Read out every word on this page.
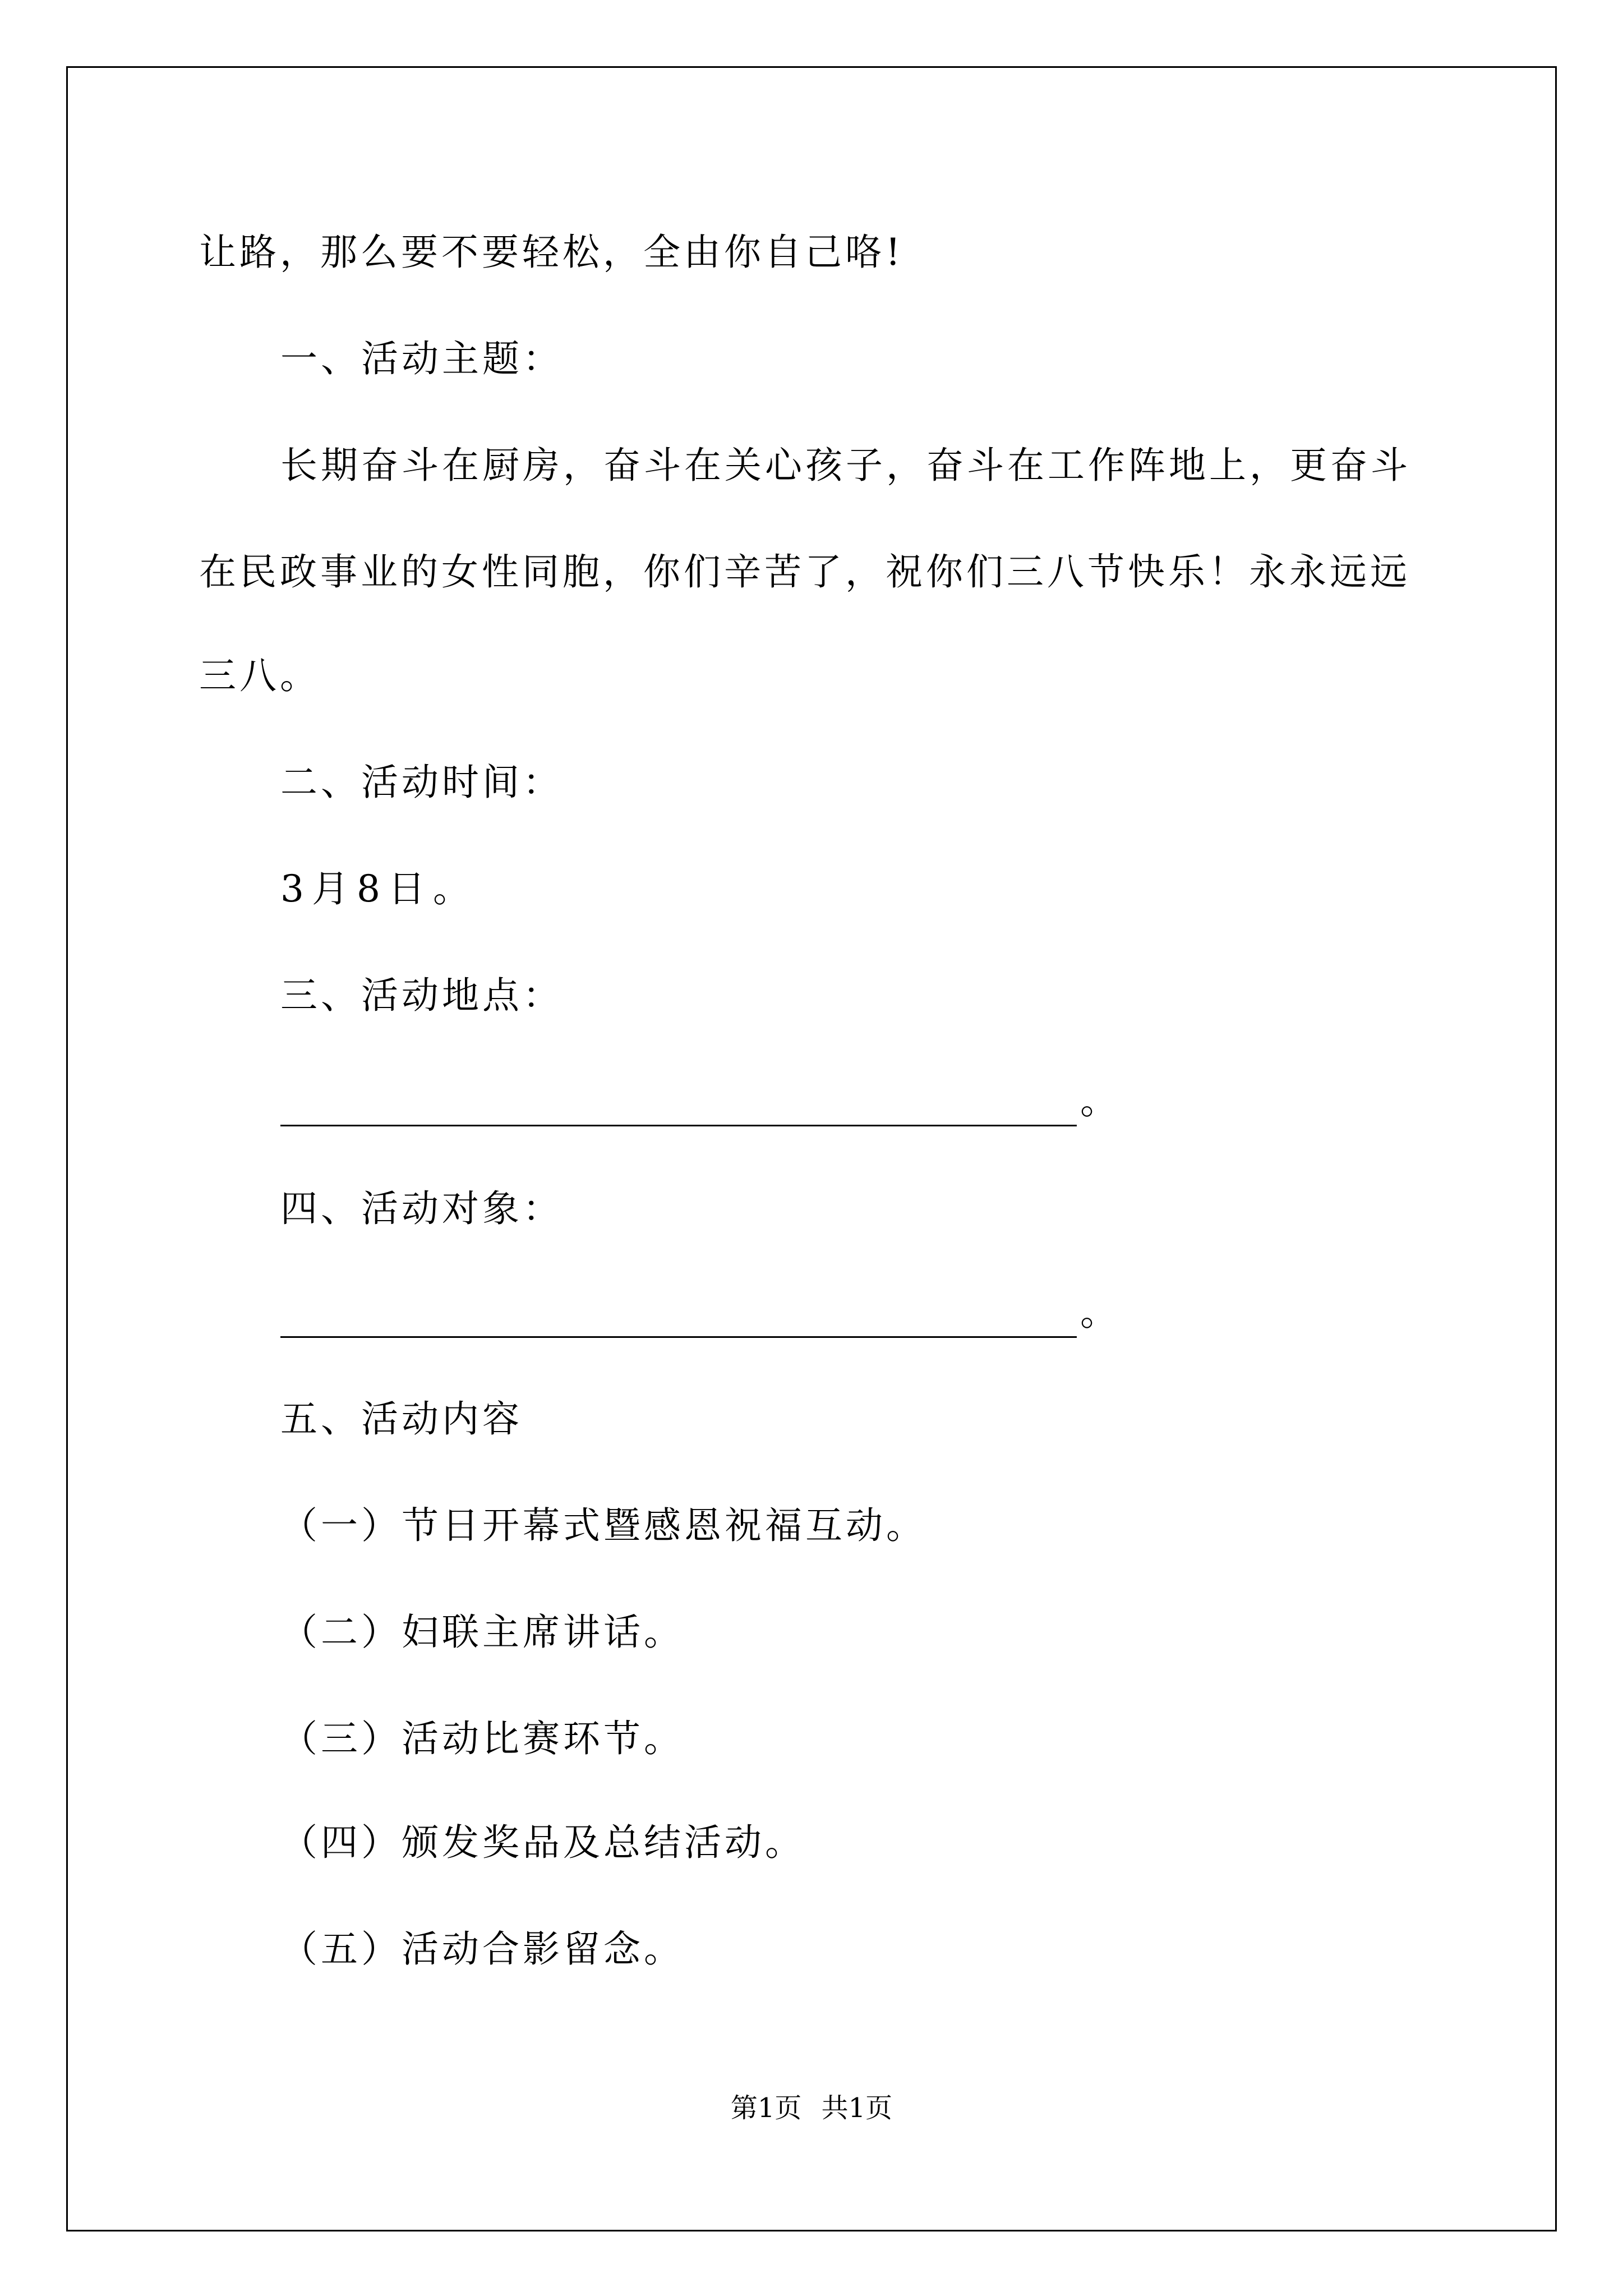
让路，那么要不要轻松，全由你自己咯!
一、活动主题：
长期奋斗在厨房，奋斗在关心孩子，奋斗在工作阵地上，更奋斗
在民政事业的女性同胞，你们辛苦了，祝你们三八节快乐！永永远远
三八。
二、活动时间：
3月8日。
三、活动地点：
。
四、活动对象：
。
五、活动内容
（一）节日开幕式暨感恩祝福互动。
（二）妇联主席讲话。
（三）活动比赛环节。
（四）颁发奖品及总结活动。
（五）活动合影留念。
第1页 共1页
